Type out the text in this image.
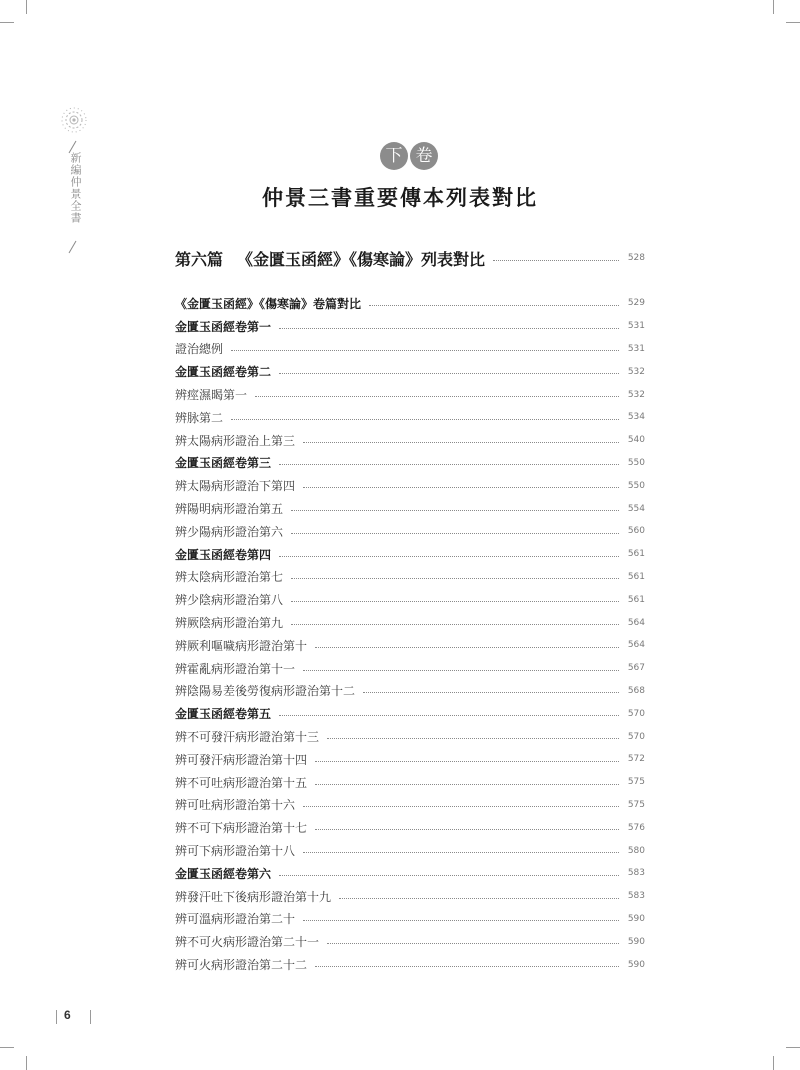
新編仲景全書	下 卷
仲景三書重要傳本列表對比
第六篇 《金匱玉函經》《傷寒論》列表對比	528
《金匱玉函經》《傷寒論》卷篇對比	529
金匱玉函經卷第一	531
證治總例	531
金匱玉函經卷第二	532
辨痙濕暍第一	532
辨脉第二	534
辨太陽病形證治上第三	540
金匱玉函經卷第三	550
辨太陽病形證治下第四	550
辨陽明病形證治第五	554
辨少陽病形證治第六	560
金匱玉函經卷第四	561
辨太陰病形證治第七	561
辨少陰病形證治第八	561
辨厥陰病形證治第九	564
辨厥利嘔噦病形證治第十	564
辨霍亂病形證治第十一	567
辨陰陽易差後勞復病形證治第十二	568
金匱玉函經卷第五	570
辨不可發汗病形證治第十三	570
辨可發汗病形證治第十四	572
辨不可吐病形證治第十五	575
辨可吐病形證治第十六	575
辨不可下病形證治第十七	576
辨可下病形證治第十八	580
金匱玉函經卷第六	583
辨發汗吐下後病形證治第十九	583
辨可溫病形證治第二十	590
辨不可火病形證治第二十一	590
辨可火病形證治第二十二	590
6
